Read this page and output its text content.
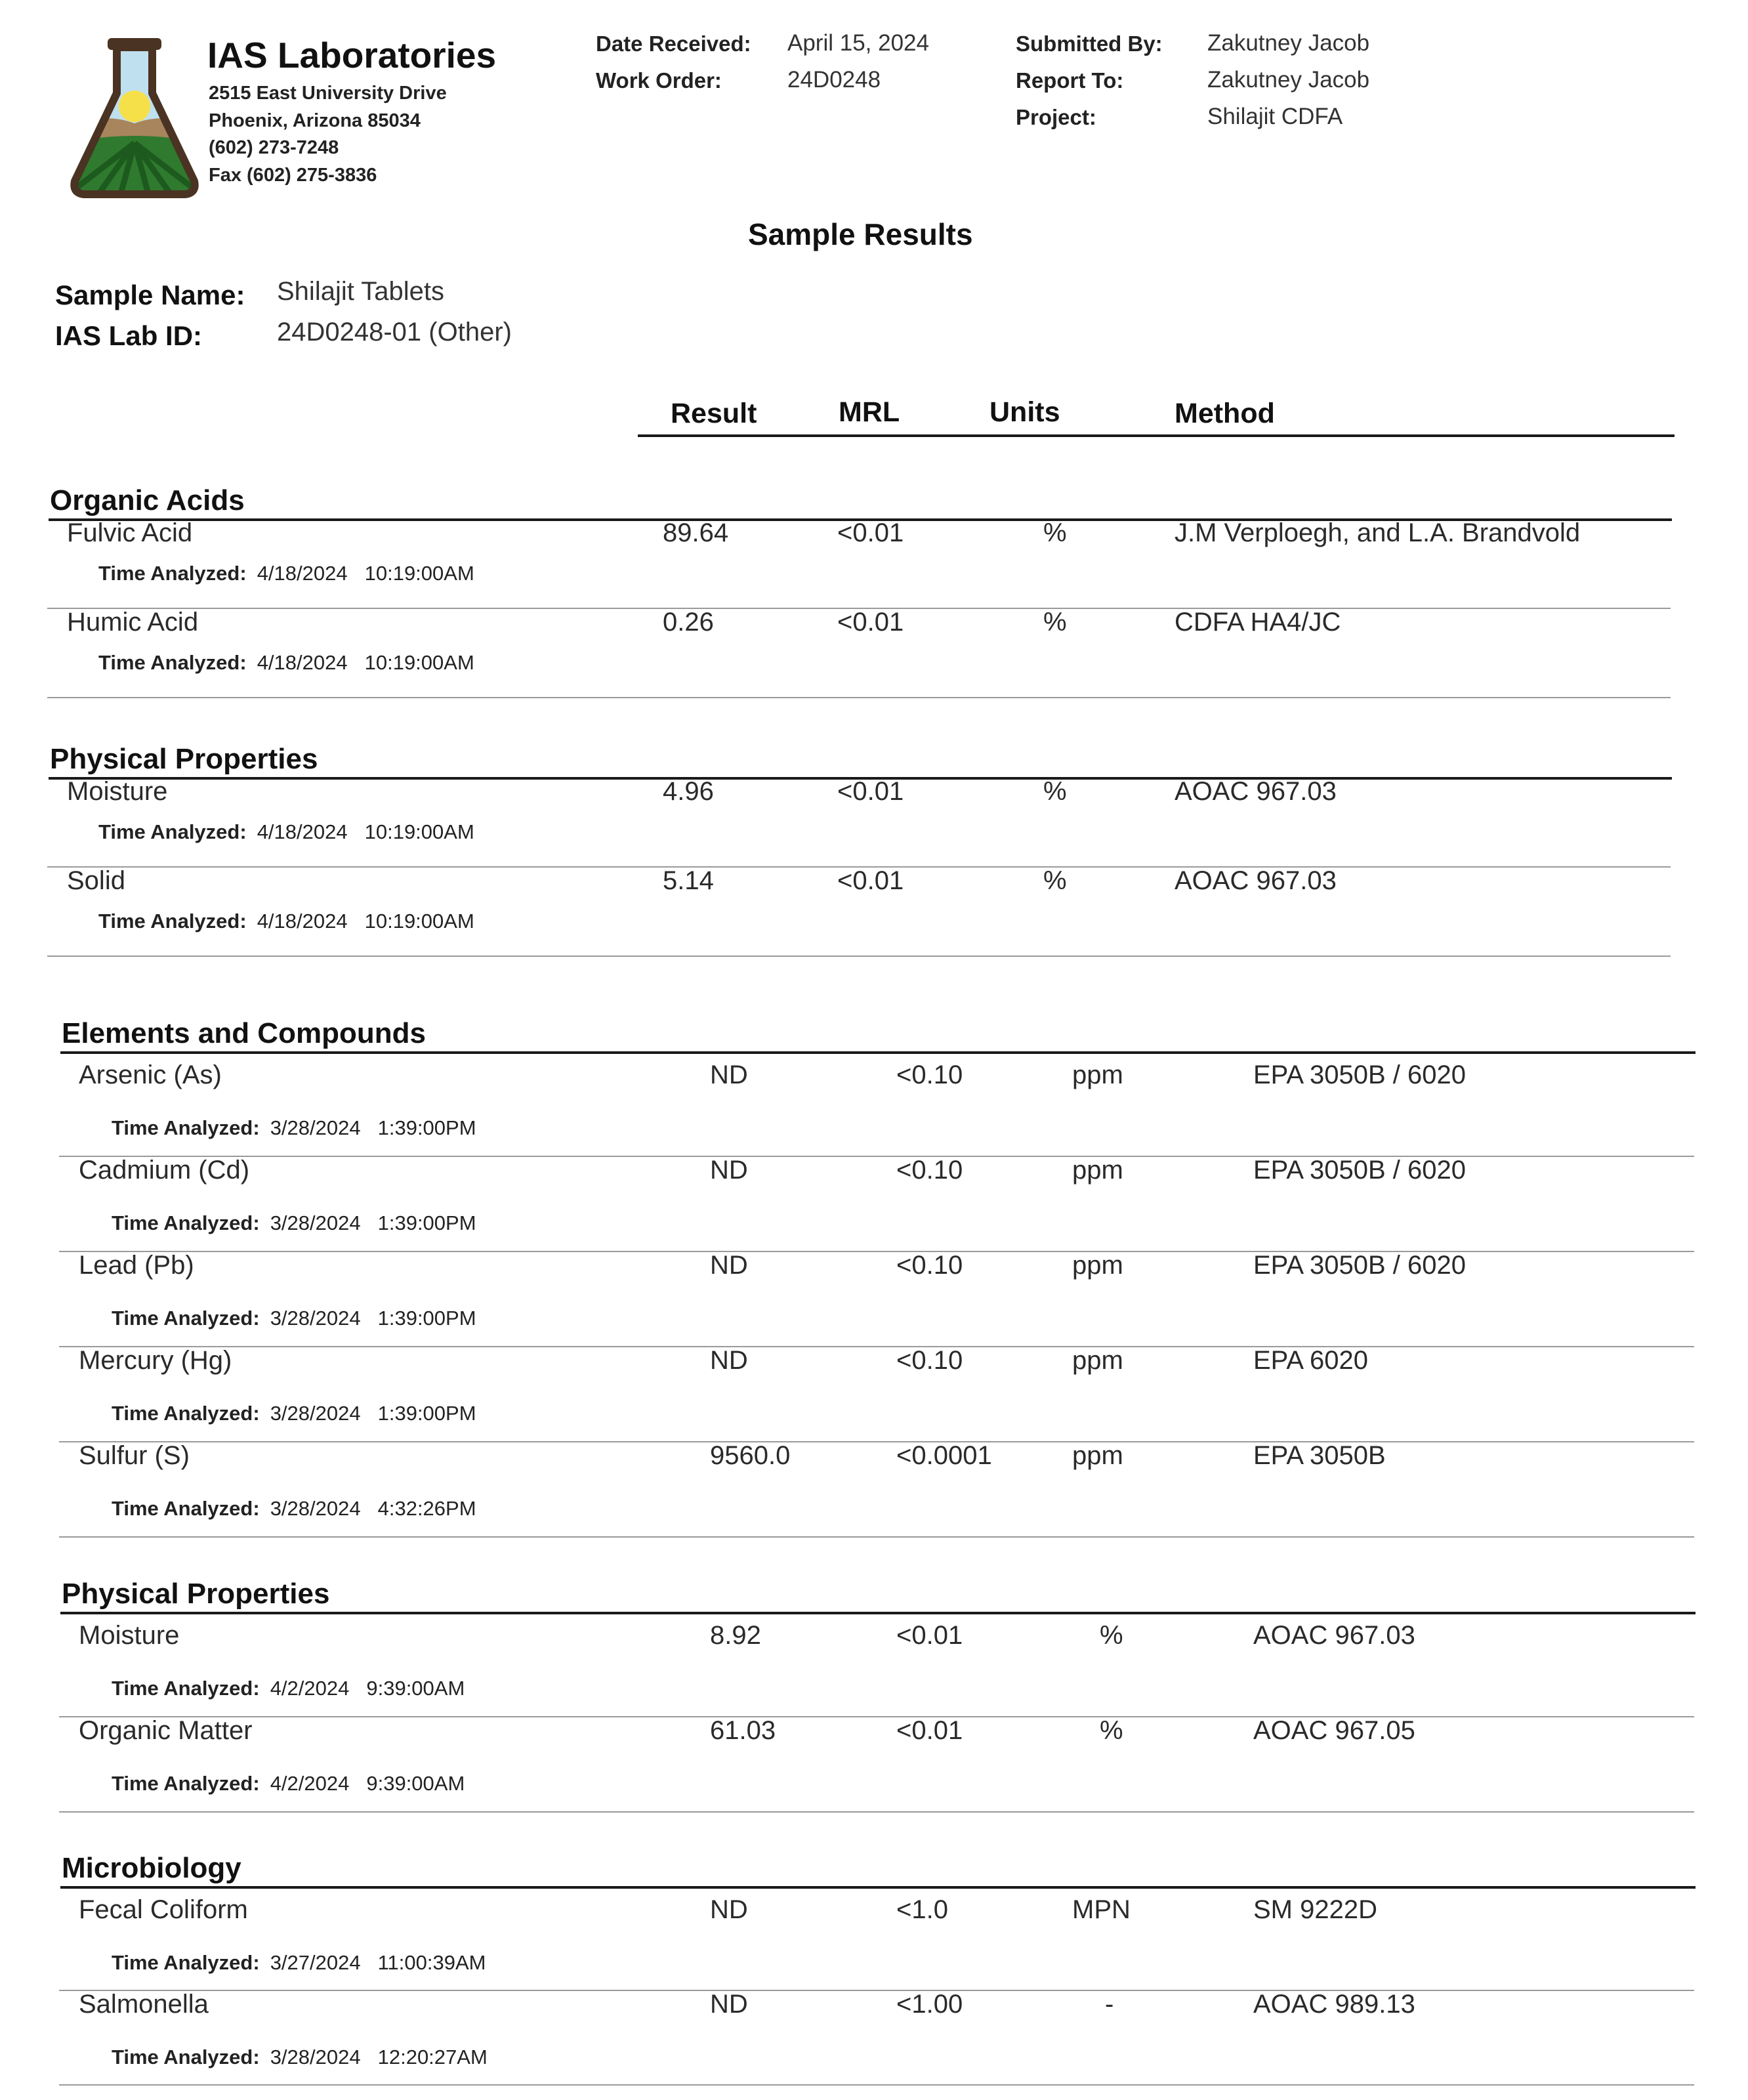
IAS Laboratories
2515 East University Drive
Phoenix, Arizona 85034
(602) 273-7248
Fax (602) 275-3836
Date Received: April 15, 2024
Work Order:	24D0248
Submitted By: Zakutney Jacob
Report To:	Zakutney Jacob
Project:	Shilajit CDFA
Sample Results
Sample Name: Shilajit Tablets
IAS Lab ID:	24D0248-01 (Other)
Result	MRL	Units	Method
Organic Acids
Fulvic Acid	89.64	<0.01	%	J.M Verploegh, and L.A. Brandvold
Time Analyzed: 4/18/2024 10:19:00AM
Humic Acid	0.26	<0.01	%	CDFA HA4/JC
Time Analyzed: 4/18/2024 10:19:00AM
Physical Properties
Moisture	4.96	<0.01	%	AOAC 967.03
Time Analyzed: 4/18/2024 10:19:00AM
Solid	5.14	<0.01	%	AOAC 967.03
Time Analyzed: 4/18/2024 10:19:00AM
Elements and Compounds
Arsenic (As)	ND	<0.10	ppm	EPA 3050B / 6020
Time Analyzed: 3/28/2024 1:39:00PM
Cadmium (Cd)	ND	<0.10	ppm	EPA 3050B / 6020
Time Analyzed: 3/28/2024 1:39:00PM
Lead (Pb)	ND	<0.10	ppm	EPA 3050B / 6020
Time Analyzed: 3/28/2024 1:39:00PM
Mercury (Hg)	ND	<0.10	ppm	EPA 6020
Time Analyzed: 3/28/2024 1:39:00PM
Sulfur (S)	9560.0	<0.0001	ppm	EPA 3050B
Time Analyzed: 3/28/2024 4:32:26PM
Physical Properties
Moisture	8.92	<0.01	%	AOAC 967.03
Time Analyzed: 4/2/2024 9:39:00AM
Organic Matter	61.03	<0.01	%	AOAC 967.05
Time Analyzed: 4/2/2024 9:39:00AM
Microbiology
Fecal Coliform	ND	<1.0	MPN	SM 9222D
Time Analyzed: 3/27/2024 11:00:39AM
Salmonella	ND	<1.00	-	AOAC 989.13
Time Analyzed: 3/28/2024 12:20:27AM
